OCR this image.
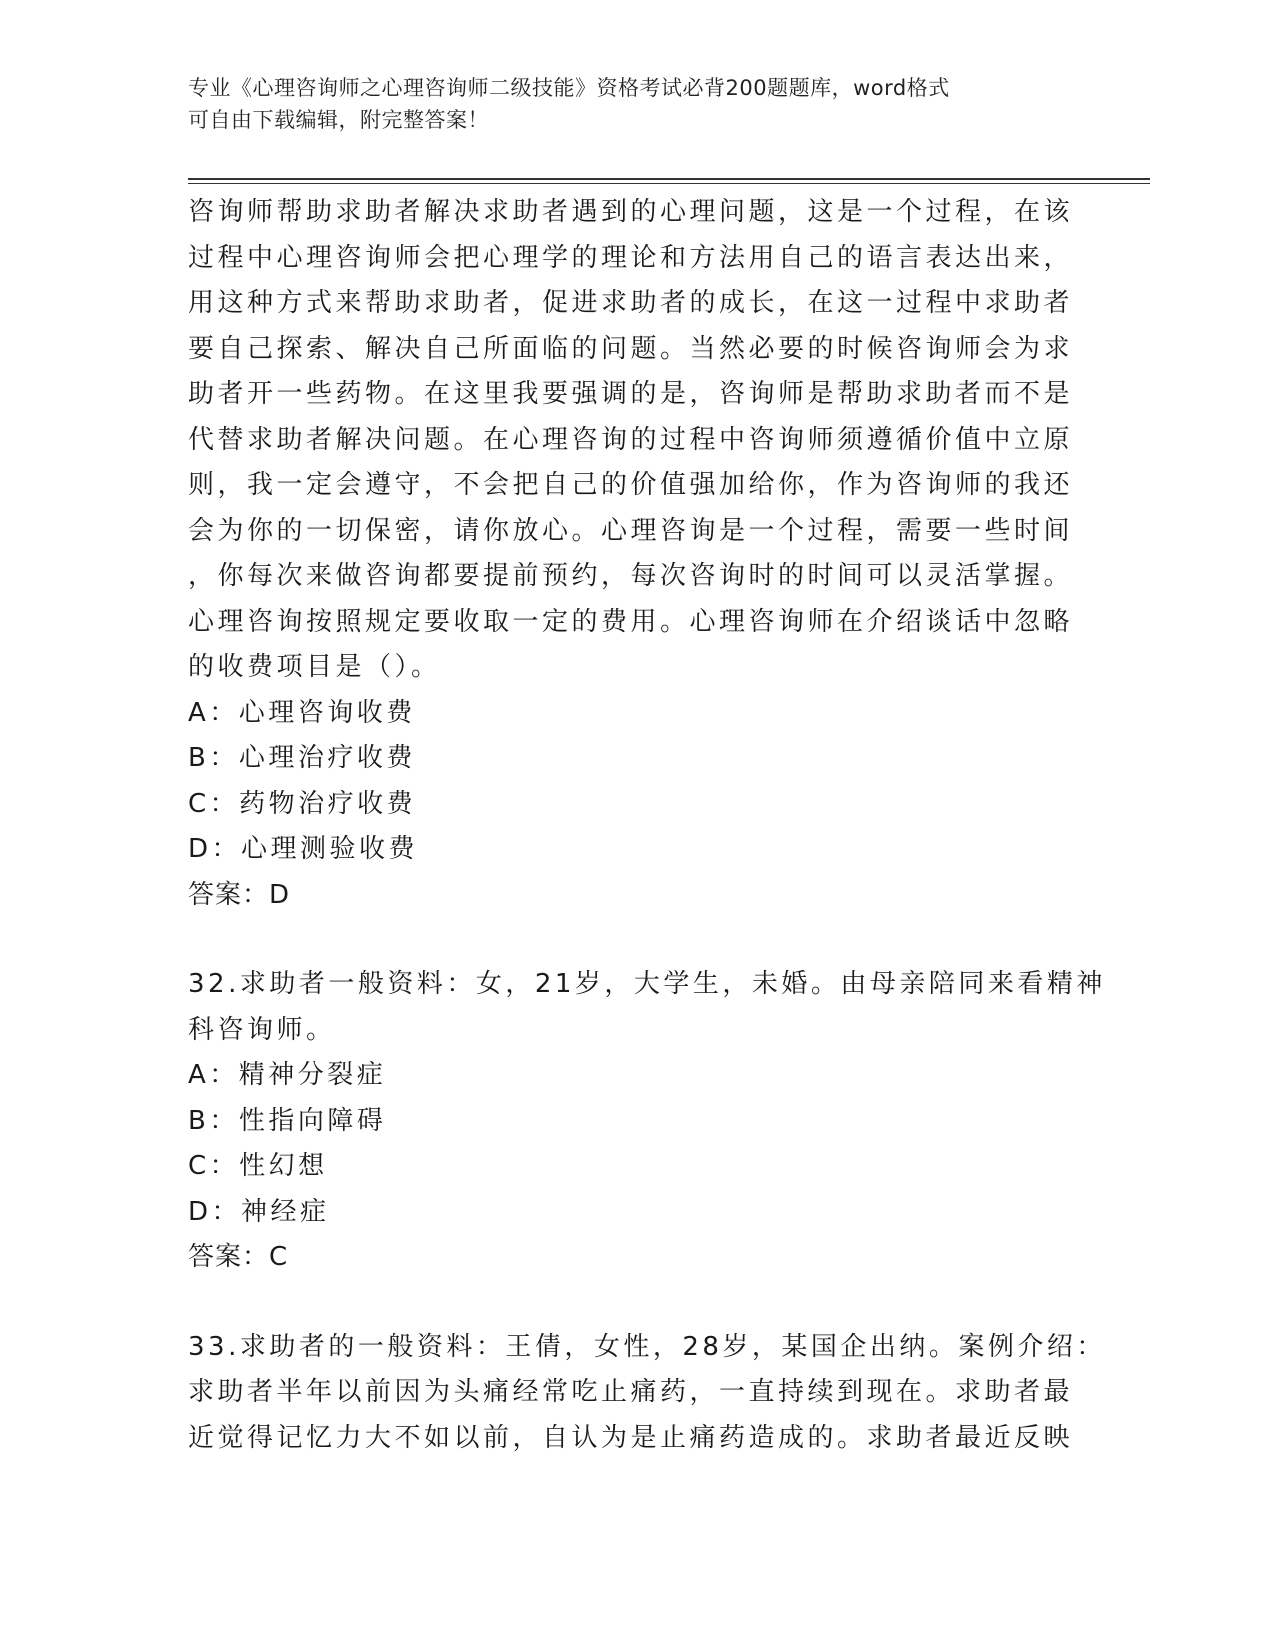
专业《心理咨询师之心理咨询师二级技能》资格考试必背200题题库，word格式
可自由下载编辑，附完整答案！

咨询师帮助求助者解决求助者遇到的心理问题，这是一个过程，在该

过程中心理咨询师会把心理学的理论和方法用自己的语言表达出来，

用这种方式来帮助求助者，促进求助者的成长，在这一过程中求助者

要自己探索、解决自己所面临的问题。当然必要的时候咨询师会为求

助者开一些药物。在这里我要强调的是，咨询师是帮助求助者而不是

代替求助者解决问题。在心理咨询的过程中咨询师须遵循价值中立原

则，我一定会遵守，不会把自己的价值强加给你，作为咨询师的我还

会为你的一切保密，请你放心。心理咨询是一个过程，需要一些时间

，你每次来做咨询都要提前预约，每次咨询时的时间可以灵活掌握。

心理咨询按照规定要收取一定的费用。心理咨询师在介绍谈话中忽略

的收费项目是（）。

A：心理咨询收费

B：心理治疗收费

C：药物治疗收费

D：心理测验收费

答案：D

32.求助者一般资料：女，21岁，大学生，未婚。由母亲陪同来看精神

科咨询师。

A：精神分裂症

B：性指向障碍

C：性幻想

D：神经症

答案：C

33.求助者的一般资料：王倩，女性，28岁，某国企出纳。案例介绍：

求助者半年以前因为头痛经常吃止痛药，一直持续到现在。求助者最

近觉得记忆力大不如以前，自认为是止痛药造成的。求助者最近反映
